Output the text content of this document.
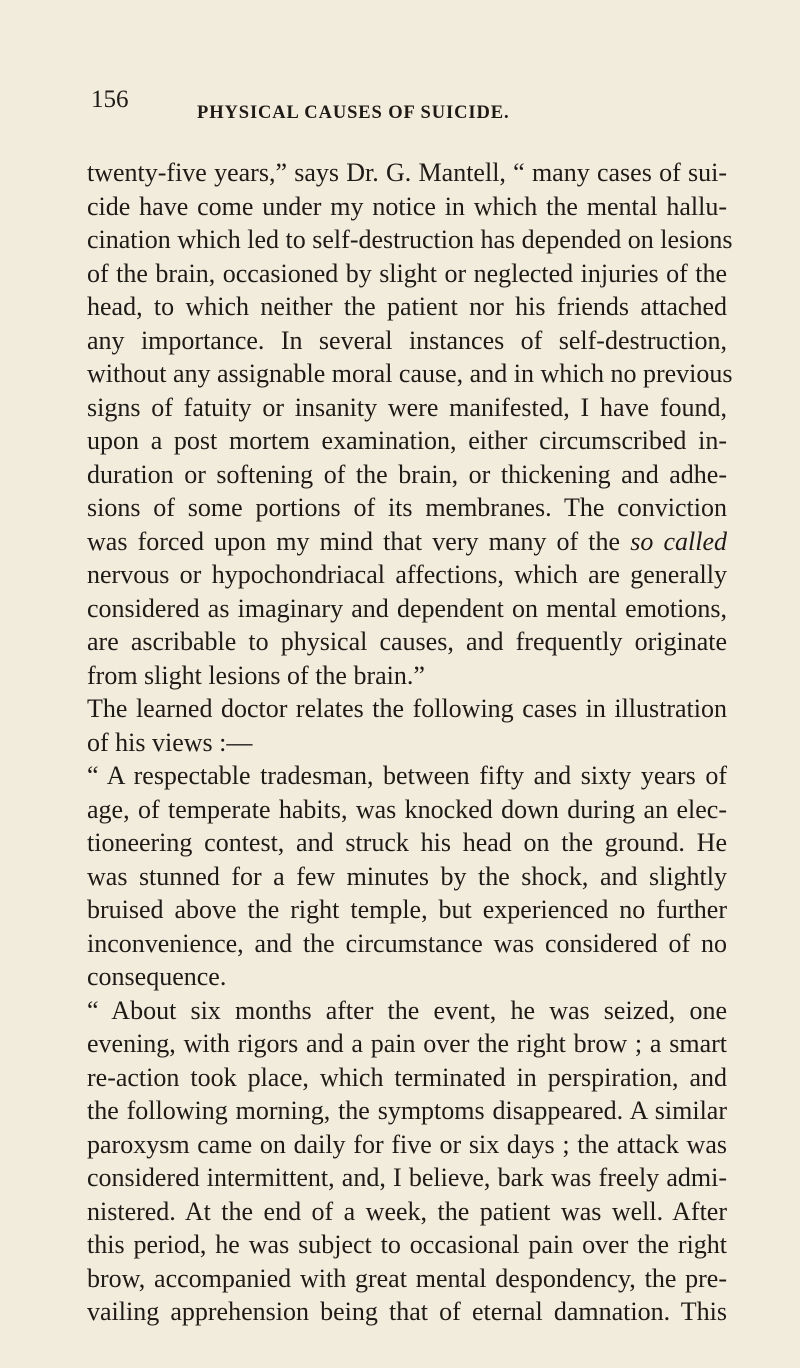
156	PHYSICAL CAUSES OF SUICIDE.
twenty-five years,” says Dr. G. Mantell, “ many cases of sui-
cide have come under my notice in which the mental hallu-
cination which led to self-destruction has depended on lesions
of the brain, occasioned by slight or neglected injuries of the
head, to which neither the patient nor his friends attached
any importance. In several instances of self-destruction,
without any assignable moral cause, and in which no previous
signs of fatuity or insanity were manifested, I have found,
upon a post mortem examination, either circumscribed in-
duration or softening of the brain, or thickening and adhe-
sions of some portions of its membranes. The conviction
was forced upon my mind that very many of the so called
nervous or hypochondriacal affections, which are generally
considered as imaginary and dependent on mental emotions,
are ascribable to physical causes, and frequently originate
from slight lesions of the brain.”
The learned doctor relates the following cases in illustration
of his views :—
“ A respectable tradesman, between fifty and sixty years of
age, of temperate habits, was knocked down during an elec-
tioneering contest, and struck his head on the ground. He
was stunned for a few minutes by the shock, and slightly
bruised above the right temple, but experienced no further
inconvenience, and the circumstance was considered of no
consequence.
“ About six months after the event, he was seized, one
evening, with rigors and a pain over the right brow ; a smart
re-action took place, which terminated in perspiration, and
the following morning, the symptoms disappeared. A similar
paroxysm came on daily for five or six days ; the attack was
considered intermittent, and, I believe, bark was freely admi-
nistered. At the end of a week, the patient was well. After
this period, he was subject to occasional pain over the right
brow, accompanied with great mental despondency, the pre-
vailing apprehension being that of eternal damnation. This
